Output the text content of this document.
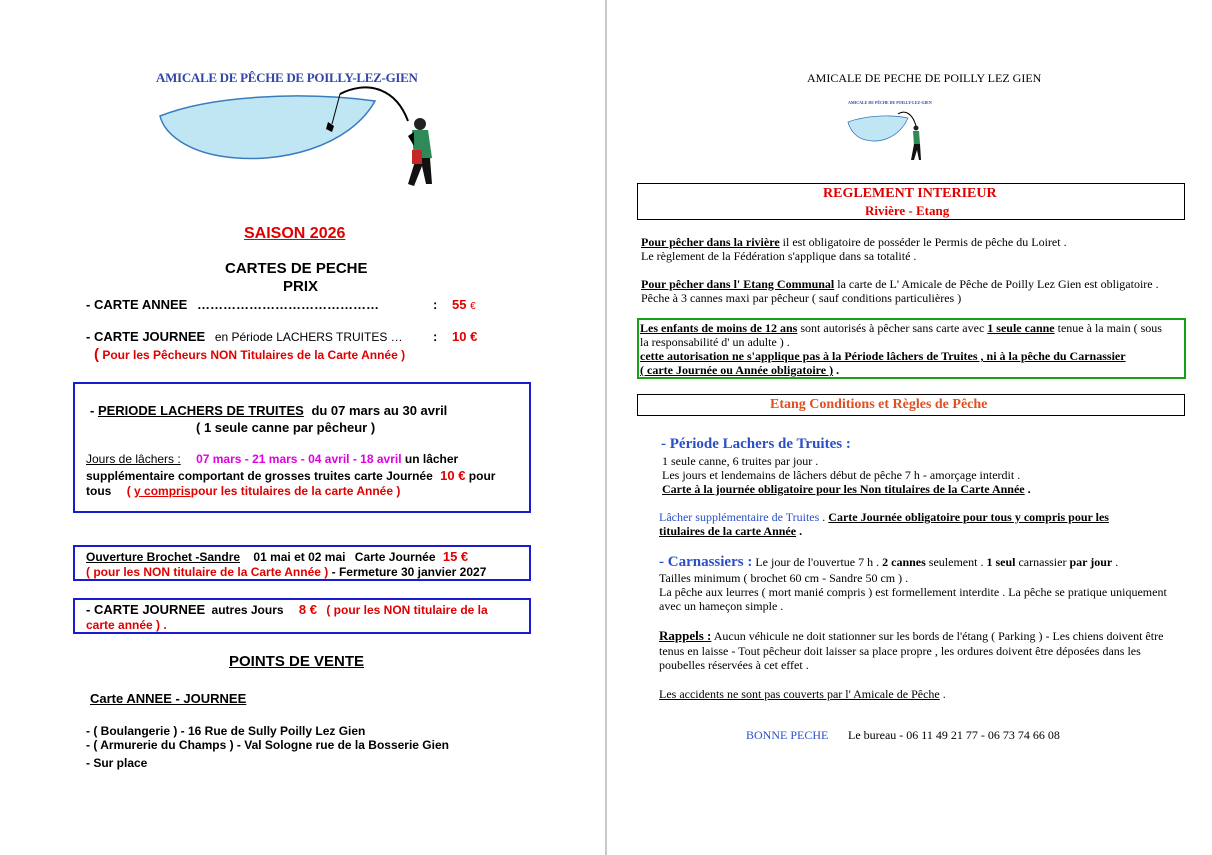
AMICALE DE PÊCHE DE POILLY-LEZ-GIEN
SAISON 2026
CARTES DE PECHE
PRIX
- CARTE ANNEE ……………………………………	: 55 €
- CARTE JOURNEE en Période LACHERS TRUITES … : 10 €
( Pour les Pêcheurs NON Titulaires de la Carte Année )
- PERIODE LACHERS DE TRUITES du 07 mars au 30 avril
( 1 seule canne par pêcheur )
Jours de lâchers : 07 mars - 21 mars - 04 avril - 18 avril un lâcher
supplémentaire comportant de grosses truites carte Journée 10 € pour
tous ( y comprispour les titulaires de la carte Année )
Ouverture Brochet -Sandre 01 mai et 02 mai Carte Journée 15 €
( pour les NON titulaire de la Carte Année ) - Fermeture 30 janvier 2027
- CARTE JOURNEE autres Jours 8 € ( pour les NON titulaire de la
carte année ) .
POINTS DE VENTE
Carte ANNEE - JOURNEE
- ( Boulangerie ) - 16 Rue de Sully Poilly Lez Gien
- ( Armurerie du Champs ) - Val Sologne rue de la Bosserie Gien
- Sur place
AMICALE DE PECHE DE POILLY LEZ GIEN
AMICALE DE PÊCHE DE POILLY-LEZ-GIEN
REGLEMENT INTERIEUR
Rivière - Etang
Pour pêcher dans la rivière il est obligatoire de posséder le Permis de pêche du Loiret .
Le règlement de la Fédération s'applique dans sa totalité .
Pour pêcher dans l' Etang Communal la carte de L' Amicale de Pêche de Poilly Lez Gien est obligatoire .
Pêche à 3 cannes maxi par pêcheur ( sauf conditions particulières )
Les enfants de moins de 12 ans sont autorisés à pêcher sans carte avec 1 seule canne tenue à la main ( sous
la responsabilité d' un adulte ) .
cette autorisation ne s'applique pas à la Période lâchers de Truites , ni à la pêche du Carnassier
( carte Journée ou Année obligatoire ) .
Etang Conditions et Règles de Pêche
- Période Lachers de Truites :
1 seule canne, 6 truites par jour .
Les jours et lendemains de lâchers début de pêche 7 h - amorçage interdit .
Carte à la journée obligatoire pour les Non titulaires de la Carte Année .
Lâcher supplémentaire de Truites . Carte Journée obligatoire pour tous y compris pour les
titulaires de la carte Année .
- Carnassiers : Le jour de l'ouvertue 7 h . 2 cannes seulement . 1 seul carnassier par jour .
Tailles minimum ( brochet 60 cm - Sandre 50 cm ) .
La pêche aux leurres ( mort manié compris ) est formellement interdite . La pêche se pratique uniquement
avec un hameçon simple .
Rappels : Aucun véhicule ne doit stationner sur les bords de l'étang ( Parking ) - Les chiens doivent être
tenus en laisse - Tout pêcheur doit laisser sa place propre , les ordures doivent être déposées dans les
poubelles réservées à cet effet .
Les accidents ne sont pas couverts par l' Amicale de Pêche .
BONNE PECHE Le bureau - 06 11 49 21 77 - 06 73 74 66 08
